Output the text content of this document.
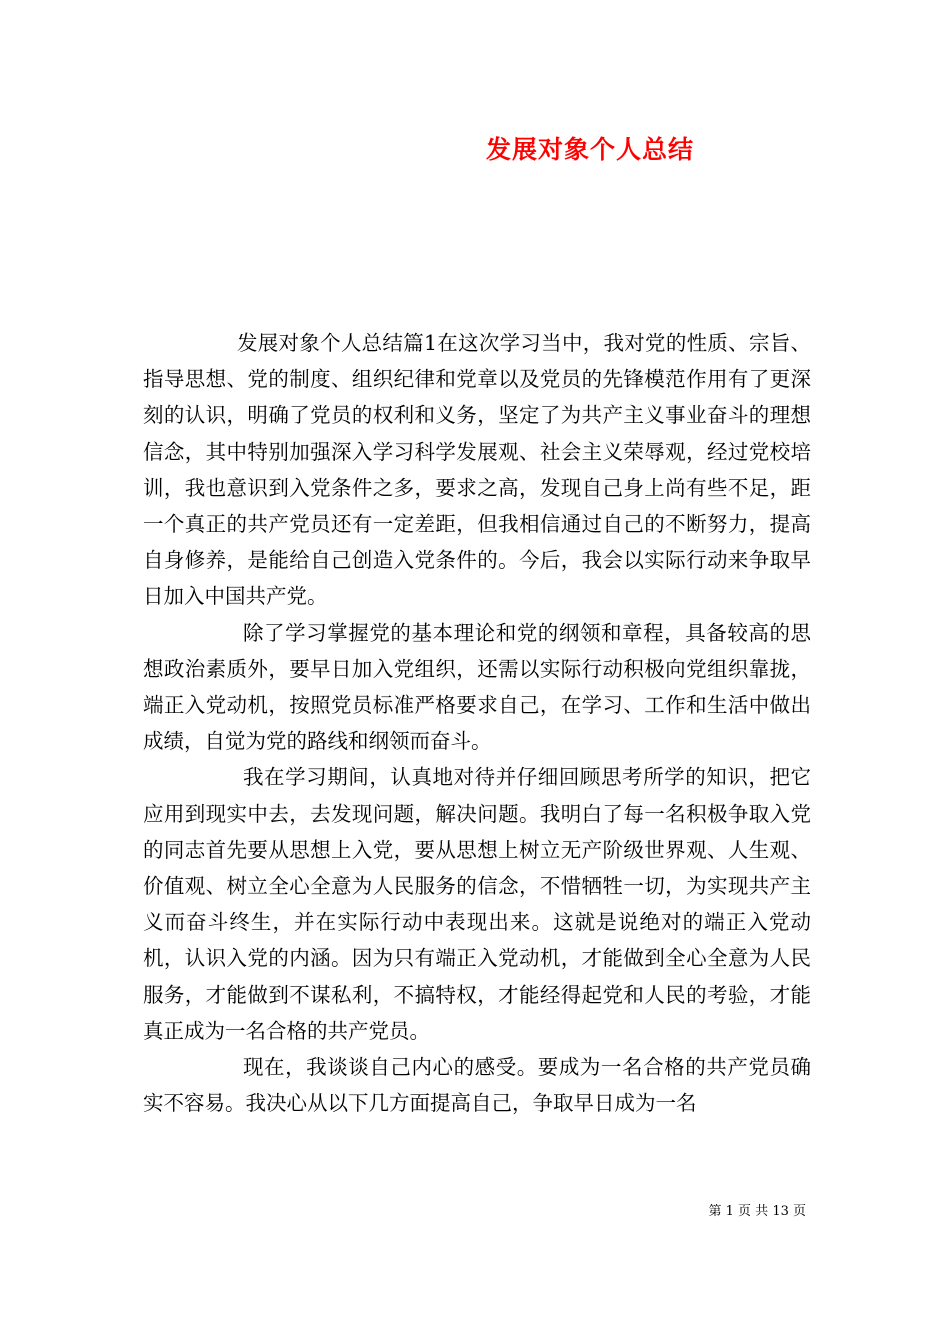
发展对象个人总结

发展对象个人总结篇1在这次学习当中，我对党的性质、宗旨、指导思想、党的制度、组织纪律和党章以及党员的先锋模范作用有了更深刻的认识，明确了党员的权利和义务，坚定了为共产主义事业奋斗的理想信念，其中特别加强深入学习科学发展观、社会主义荣辱观，经过党校培训，我也意识到入党条件之多，要求之高，发现自己身上尚有些不足，距一个真正的共产党员还有一定差距，但我相信通过自己的不断努力，提高自身修养，是能给自己创造入党条件的。今后，我会以实际行动来争取早日加入中国共产党。

除了学习掌握党的基本理论和党的纲领和章程，具备较高的思想政治素质外，要早日加入党组织，还需以实际行动积极向党组织靠拢，端正入党动机，按照党员标准严格要求自己，在学习、工作和生活中做出成绩，自觉为党的路线和纲领而奋斗。

我在学习期间，认真地对待并仔细回顾思考所学的知识，把它应用到现实中去，去发现问题，解决问题。我明白了每一名积极争取入党的同志首先要从思想上入党，要从思想上树立无产阶级世界观、人生观、价值观、树立全心全意为人民服务的信念，不惜牺牲一切，为实现共产主义而奋斗终生，并在实际行动中表现出来。这就是说绝对的端正入党动机，认识入党的内涵。因为只有端正入党动机，才能做到全心全意为人民服务，才能做到不谋私利，不搞特权，才能经得起党和人民的考验，才能真正成为一名合格的共产党员。

现在，我谈谈自己内心的感受。要成为一名合格的共产党员确实不容易。我决心从以下几方面提高自己，争取早日成为一名

第 1 页 共 13 页
